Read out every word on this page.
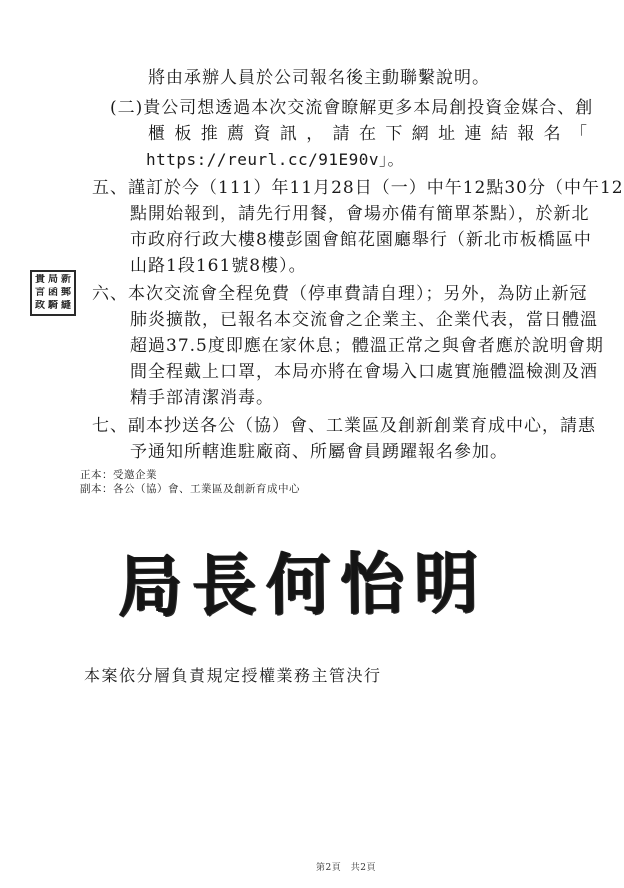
將由承辦人員於公司報名後主動聯繫說明。
(二)貴公司想透過本次交流會瞭解更多本局創投資金媒合、創
櫃板推薦資訊，請在下網址連結報名「
https://reurl.cc/91E90v」。
五、謹訂於今（111）年11月28日（一）中午12點30分（中午12
點開始報到，請先行用餐，會場亦備有簡單茶點），於新北
市政府行政大樓8樓彭園會館花園廳舉行（新北市板橋區中
山路1段161號8樓）。
六、本次交流會全程免費（停車費請自理）；另外，為防止新冠
肺炎擴散，已報名本交流會之企業主、企業代表，當日體溫
超過37.5度即應在家休息；體溫正常之與會者應於說明會期
間全程戴上口罩，本局亦將在會場入口處實施體溫檢測及酒
精手部清潔消毒。
七、副本抄送各公（協）會、工業區及創新創業育成中心，請惠
予通知所轄進駐廠商、所屬會員踴躍報名參加。
正本：受邀企業
副本：各公（協）會、工業區及創新育成中心
貴 局 新
言 函 郵
政 騎 縫
局長何怡明
本案依分層負責規定授權業務主管決行
第2頁　共2頁
